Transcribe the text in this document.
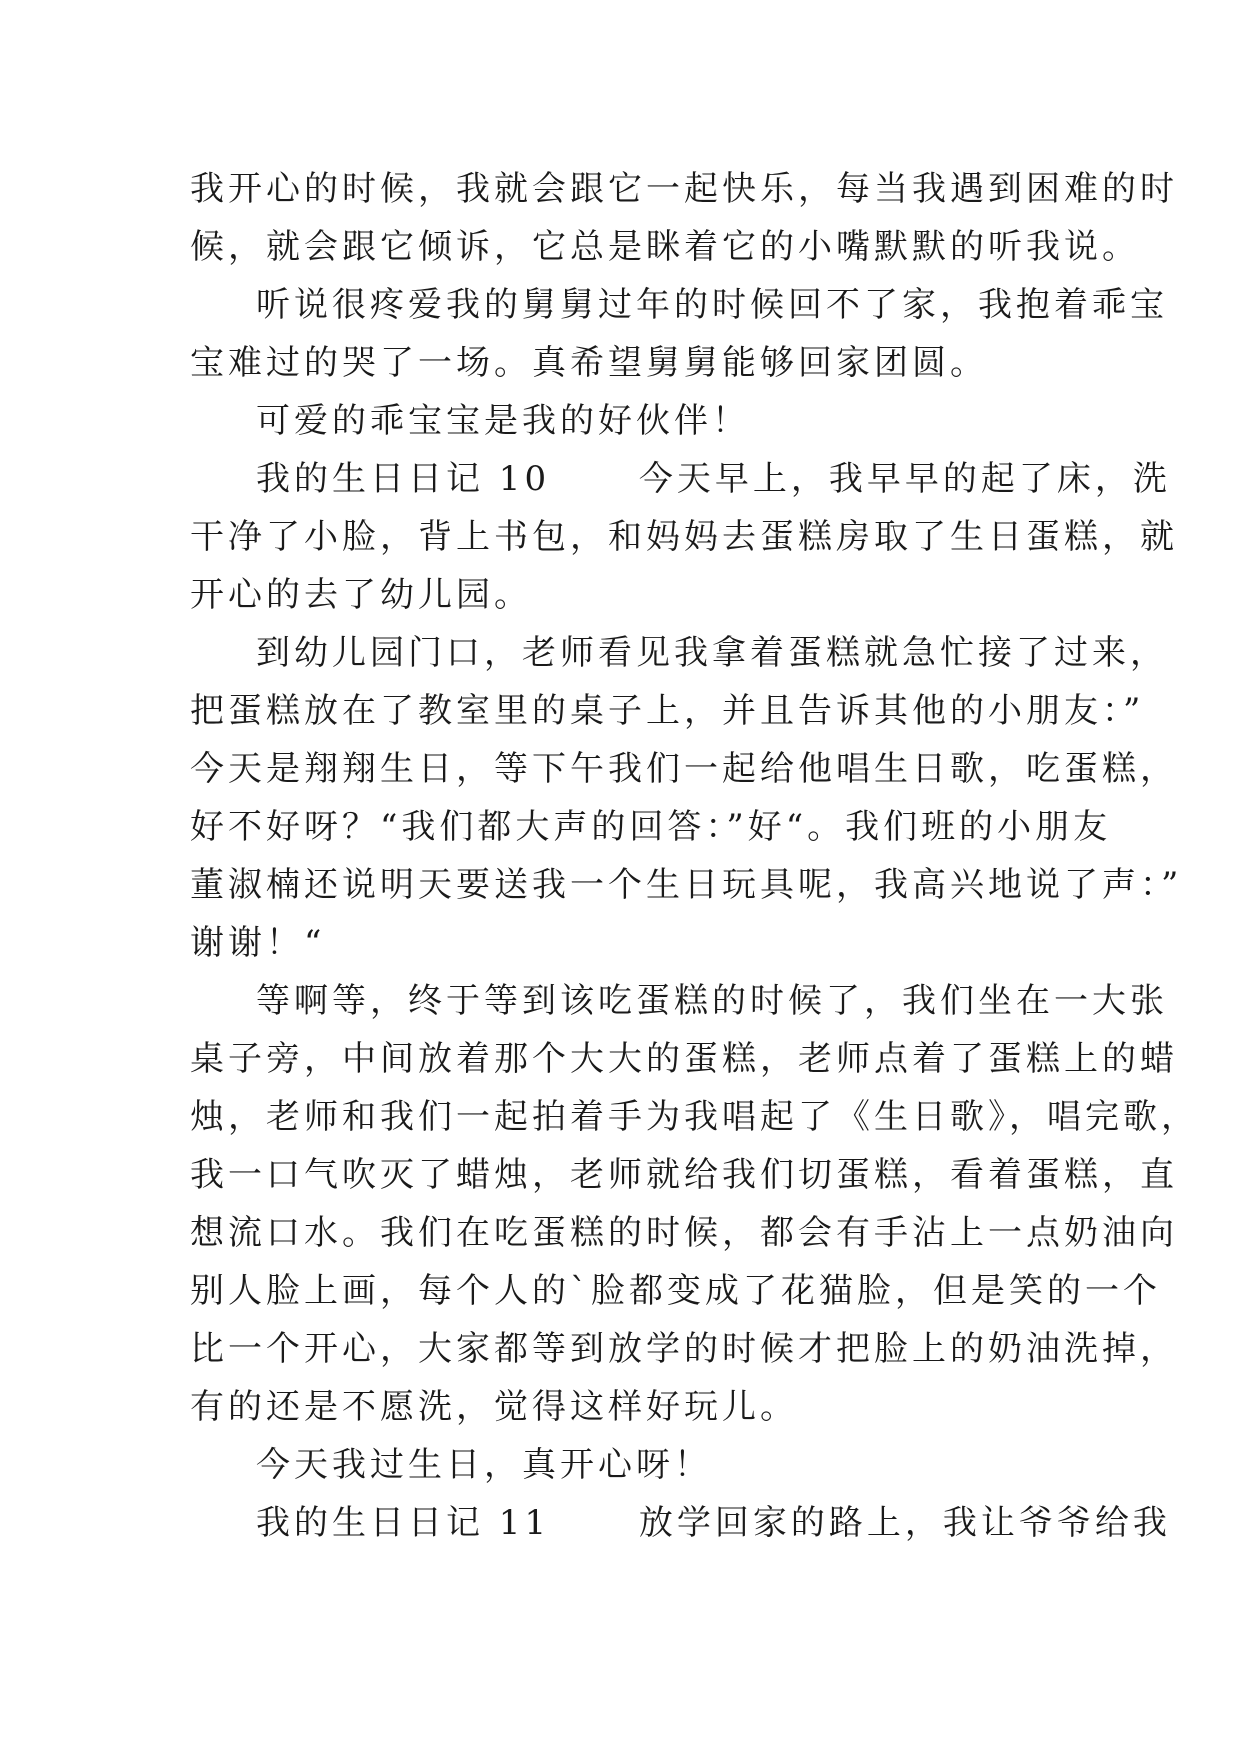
我开心的时候，我就会跟它一起快乐，每当我遇到困难的时
候，就会跟它倾诉，它总是眯着它的小嘴默默的听我说。
听说很疼爱我的舅舅过年的时候回不了家，我抱着乖宝
宝难过的哭了一场。真希望舅舅能够回家团圆。
可爱的乖宝宝是我的好伙伴！
我的生日日记 10      今天早上，我早早的起了床，洗
干净了小脸，背上书包，和妈妈去蛋糕房取了生日蛋糕，就
开心的去了幼儿园。
到幼儿园门口，老师看见我拿着蛋糕就急忙接了过来，
把蛋糕放在了教室里的桌子上，并且告诉其他的小朋友：”
今天是翔翔生日，等下午我们一起给他唱生日歌，吃蛋糕，
好不好呀？“我们都大声的回答：”好“。我们班的小朋友
董淑楠还说明天要送我一个生日玩具呢，我高兴地说了声：”
谢谢！“
等啊等，终于等到该吃蛋糕的时候了，我们坐在一大张
桌子旁，中间放着那个大大的蛋糕，老师点着了蛋糕上的蜡
烛，老师和我们一起拍着手为我唱起了《生日歌》，唱完歌，
我一口气吹灭了蜡烛，老师就给我们切蛋糕，看着蛋糕，直
想流口水。我们在吃蛋糕的时候，都会有手沾上一点奶油向
别人脸上画，每个人的`脸都变成了花猫脸，但是笑的一个
比一个开心，大家都等到放学的时候才把脸上的奶油洗掉，
有的还是不愿洗，觉得这样好玩儿。
今天我过生日，真开心呀！
我的生日日记 11      放学回家的路上，我让爷爷给我
